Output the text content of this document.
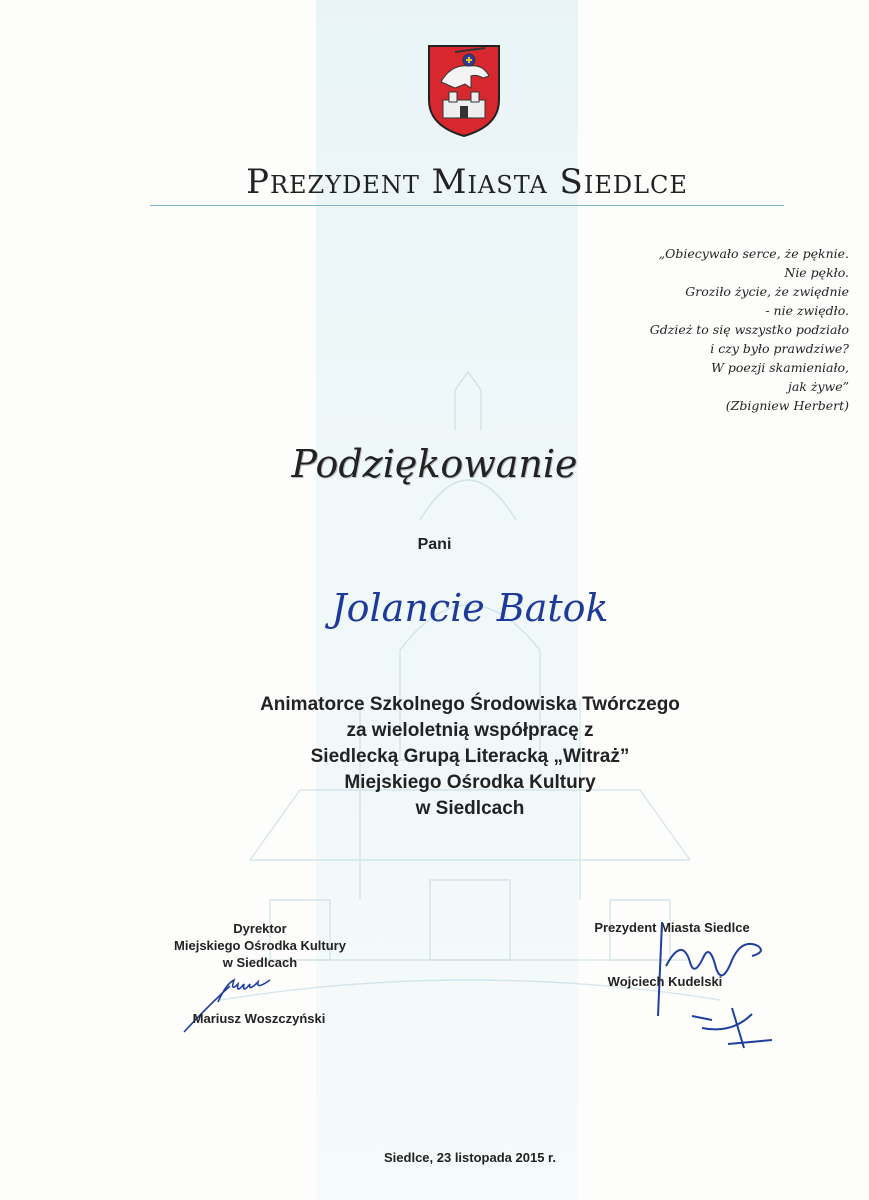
Prezydent Miasta Siedlce
„Obiecywało serce, że pęknie.
Nie pękło.
Groziło życie, że zwiędnie
- nie zwiędło.
Gdzież to się wszystko podziało
i czy było prawdziwe?
W poezji skamieniało,
jak żywe”
(Zbigniew Herbert)
Podziękowanie
Pani
Jolancie Batok
Animatorce Szkolnego Środowiska Twórczego
za wieloletnią współpracę z
Siedlecką Grupą Literacką „Witraż”
Miejskiego Ośrodka Kultury
w Siedlcach
Dyrektor
Miejskiego Ośrodka Kultury
w Siedlcach
Mariusz Woszczyński
Prezydent Miasta Siedlce
Wojciech Kudelski
Siedlce, 23 listopada 2015 r.
